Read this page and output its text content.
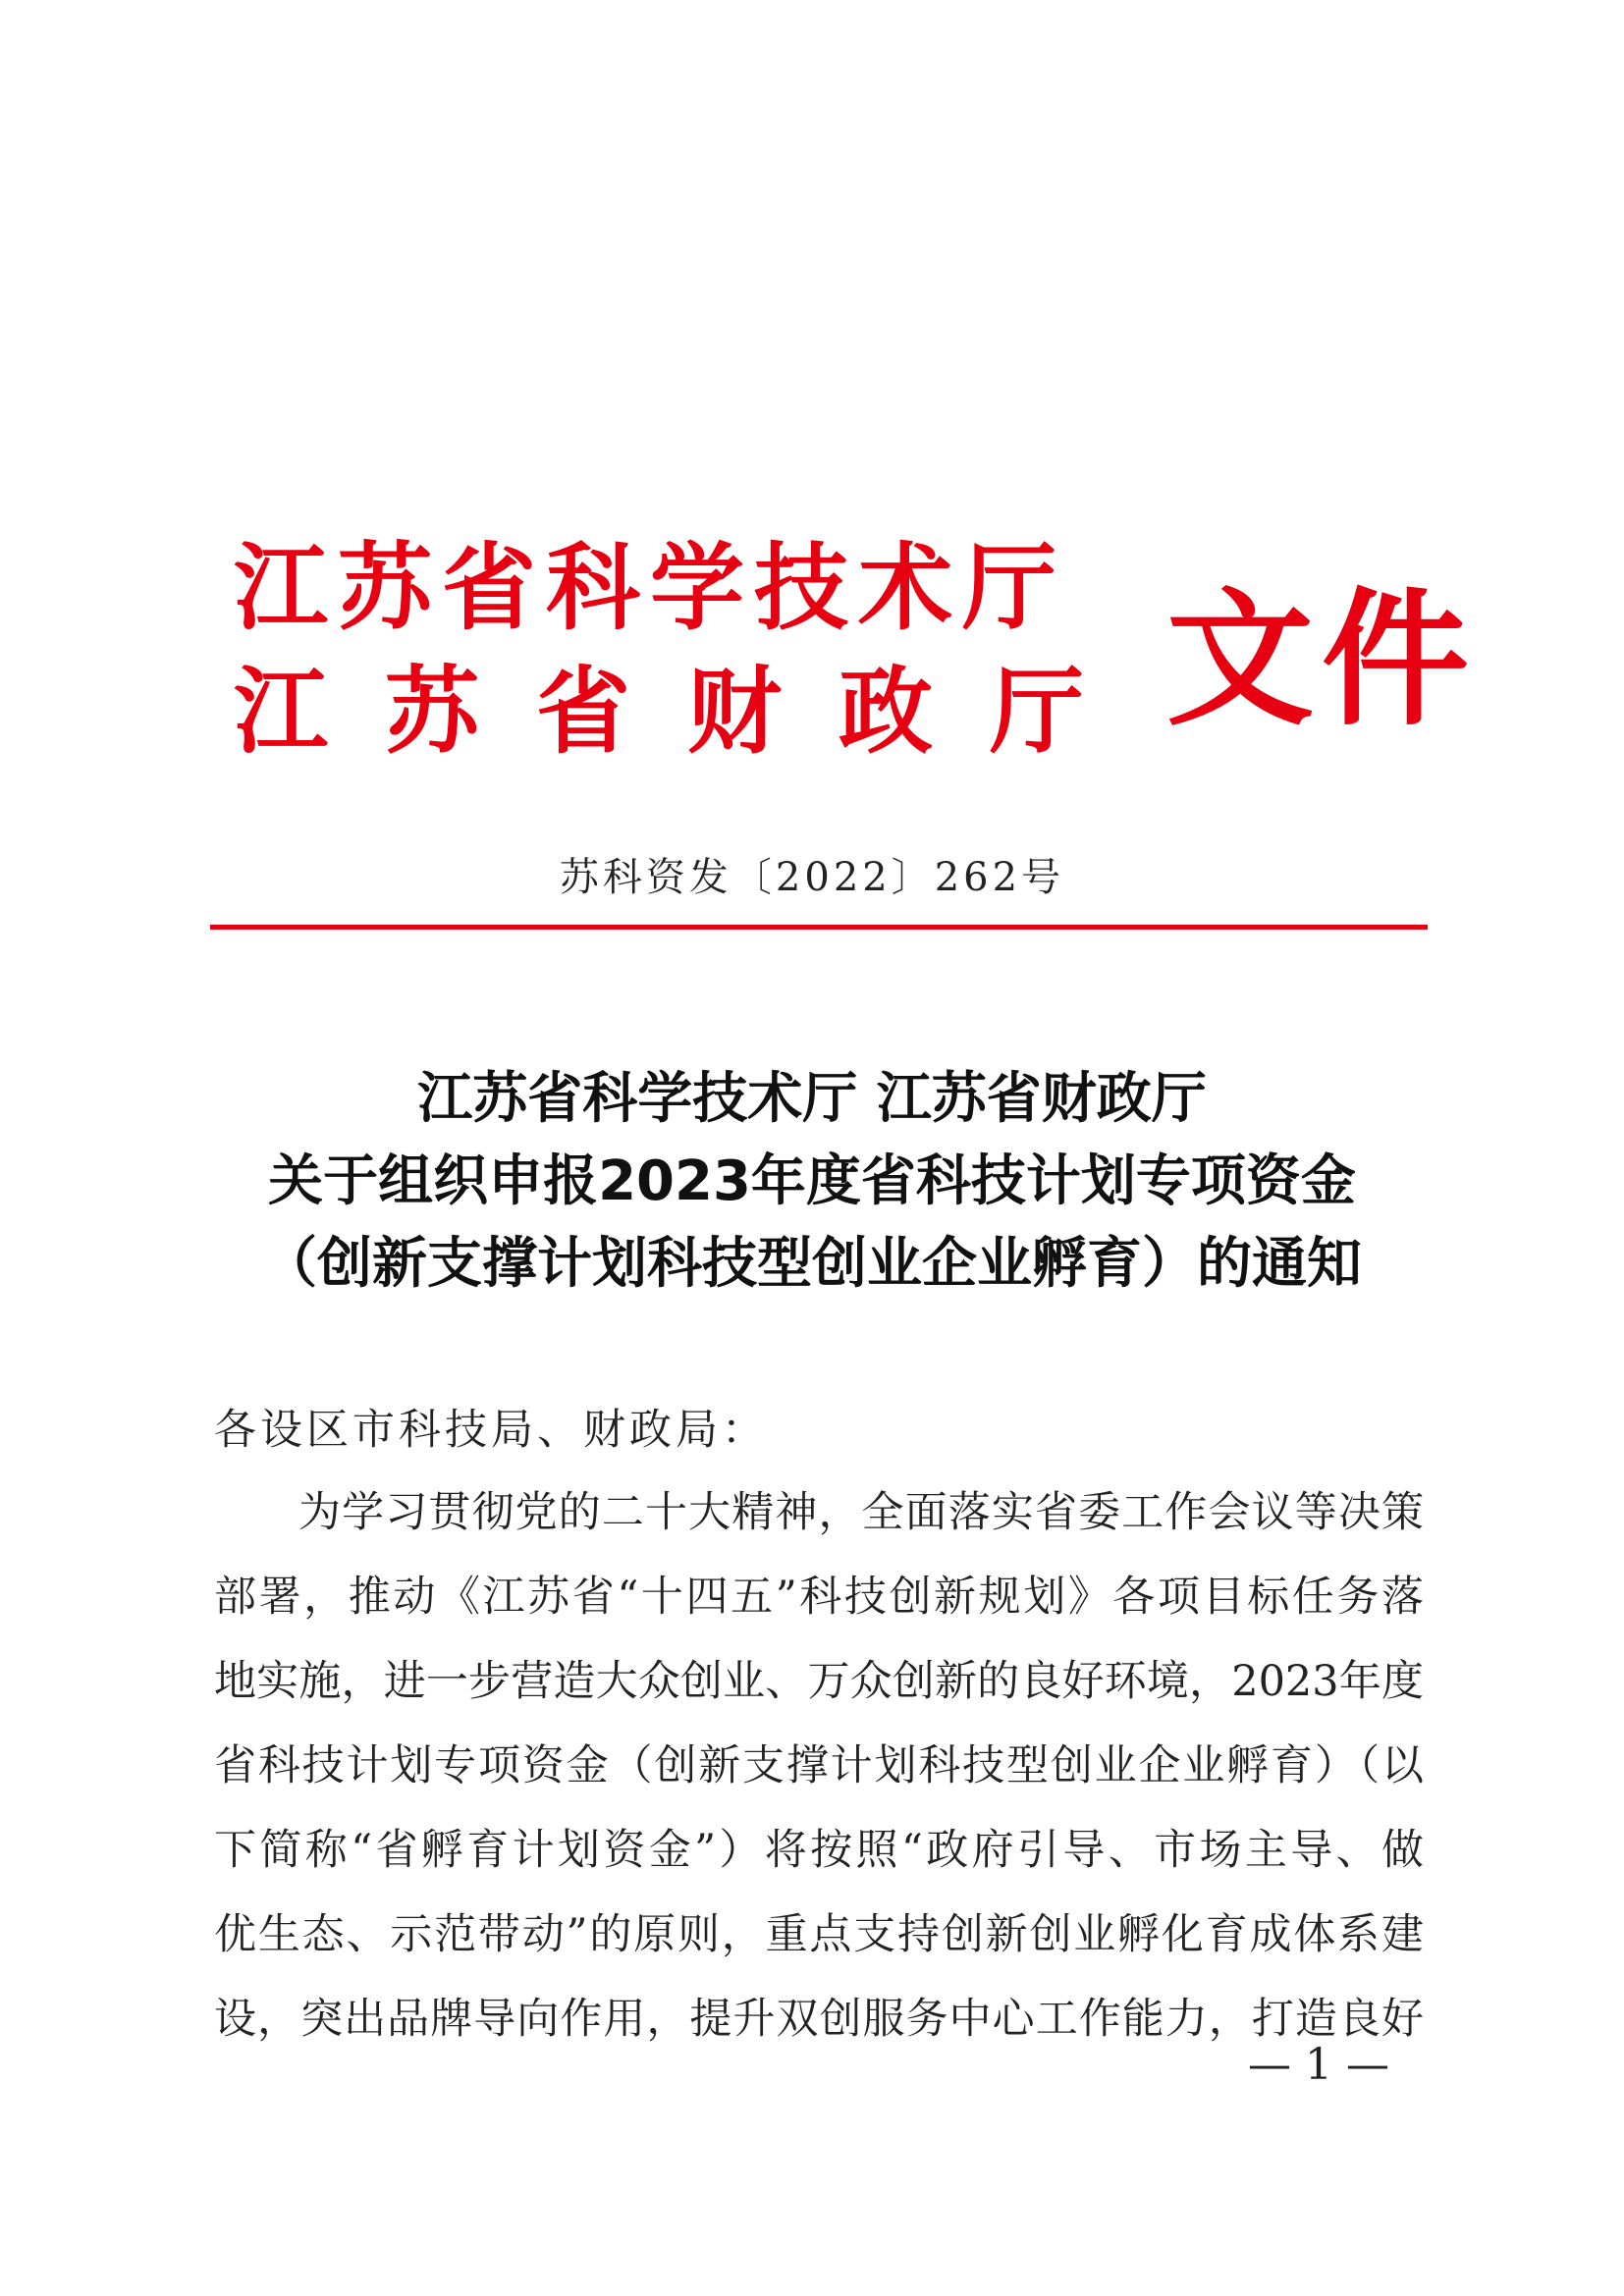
江苏省科学技术厅
江苏省财政厅 文件
苏科资发〔2022〕262号
江苏省科学技术厅 江苏省财政厅
关于组织申报2023年度省科技计划专项资金
（创新支撑计划科技型创业企业孵育）的通知
各设区市科技局、财政局：
为学习贯彻党的二十大精神，全面落实省委工作会议等决策
部署，推动《江苏省“十四五”科技创新规划》各项目标任务落
地实施，进一步营造大众创业、万众创新的良好环境，2023年度
省科技计划专项资金（创新支撑计划科技型创业企业孵育）（以
下简称“省孵育计划资金”）将按照“政府引导、市场主导、做
优生态、示范带动”的原则，重点支持创新创业孵化育成体系建
设，突出品牌导向作用，提升双创服务中心工作能力，打造良好
— 1 —
